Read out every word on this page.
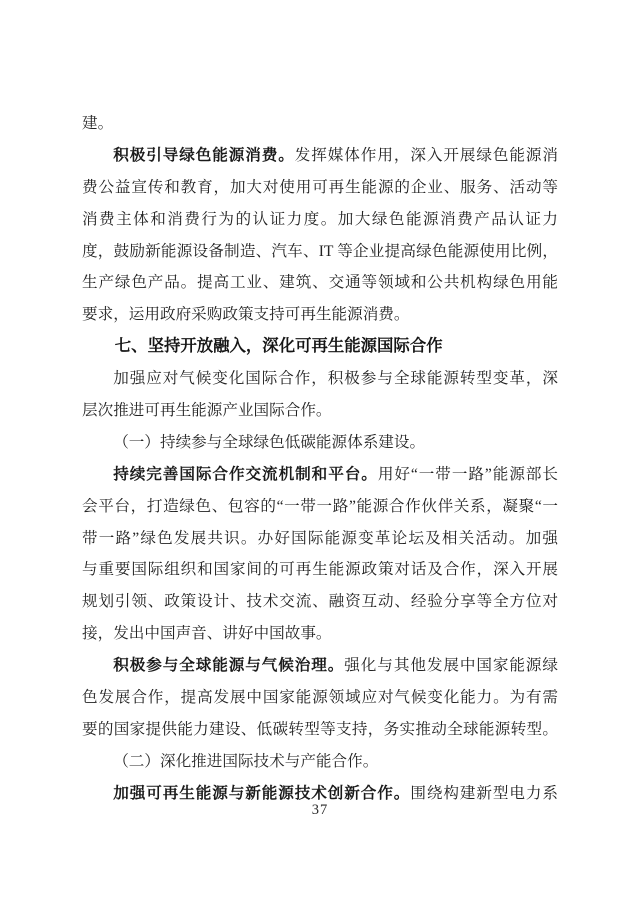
建。
积极引导绿色能源消费。发挥媒体作用，深入开展绿色能源消
费公益宣传和教育，加大对使用可再生能源的企业、服务、活动等
消费主体和消费行为的认证力度。加大绿色能源消费产品认证力
度，鼓励新能源设备制造、汽车、IT 等企业提高绿色能源使用比例，
生产绿色产品。提高工业、建筑、交通等领域和公共机构绿色用能
要求，运用政府采购政策支持可再生能源消费。
七、坚持开放融入，深化可再生能源国际合作
加强应对气候变化国际合作，积极参与全球能源转型变革，深
层次推进可再生能源产业国际合作。
（一）持续参与全球绿色低碳能源体系建设。
持续完善国际合作交流机制和平台。用好“一带一路”能源部长
会平台，打造绿色、包容的“一带一路”能源合作伙伴关系，凝聚“一
带一路”绿色发展共识。办好国际能源变革论坛及相关活动。加强
与重要国际组织和国家间的可再生能源政策对话及合作，深入开展
规划引领、政策设计、技术交流、融资互动、经验分享等全方位对
接，发出中国声音、讲好中国故事。
积极参与全球能源与气候治理。强化与其他发展中国家能源绿
色发展合作，提高发展中国家能源领域应对气候变化能力。为有需
要的国家提供能力建设、低碳转型等支持，务实推动全球能源转型。
（二）深化推进国际技术与产能合作。
加强可再生能源与新能源技术创新合作。围绕构建新型电力系
37
